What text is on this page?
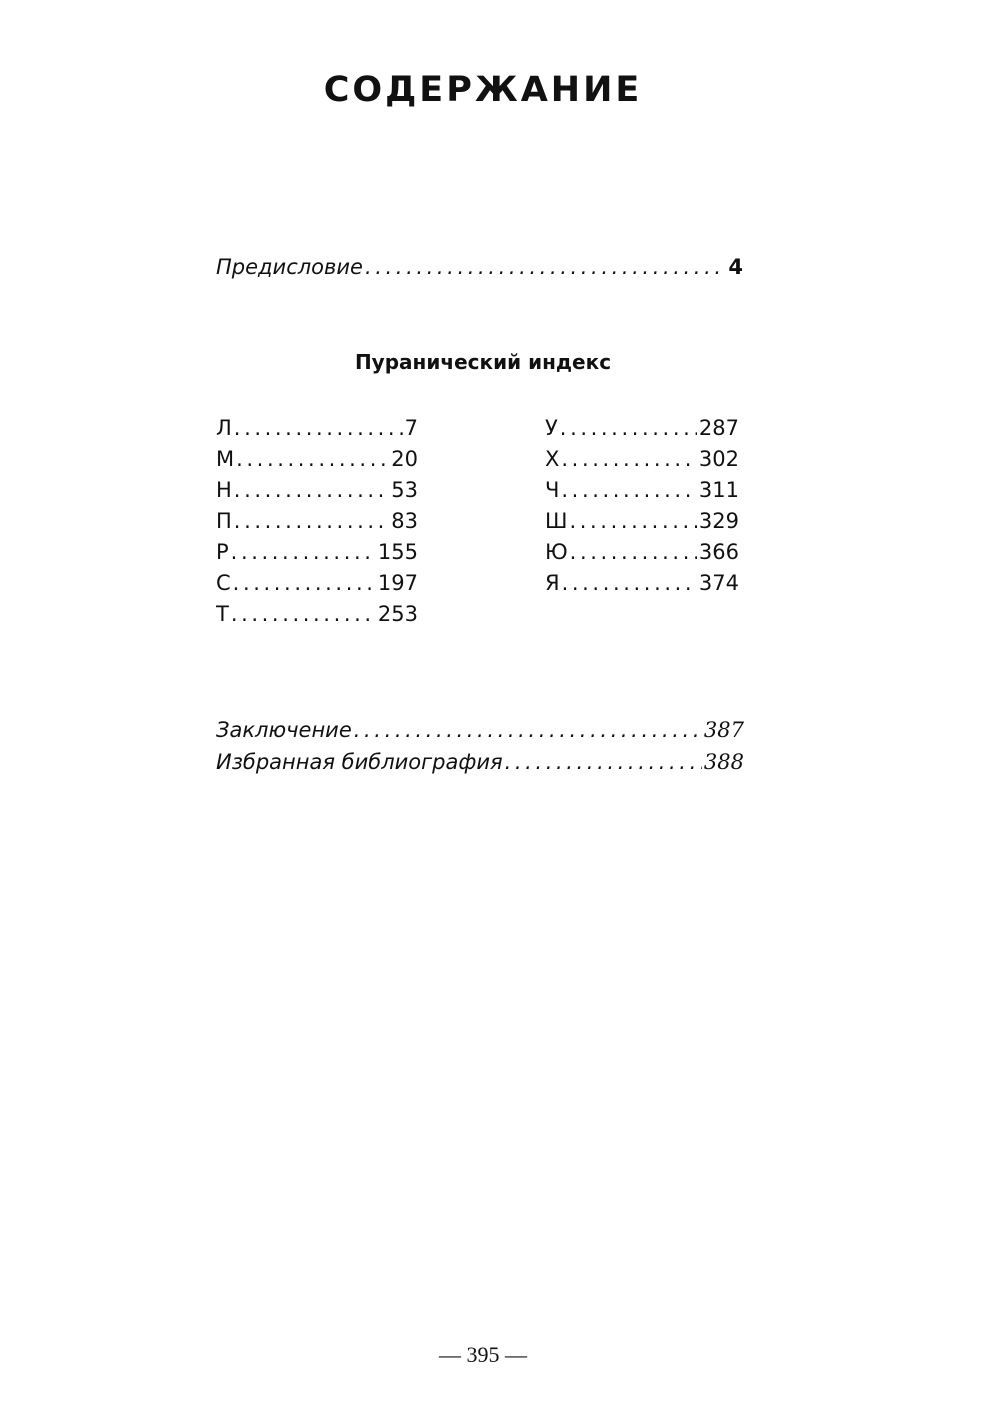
СОДЕРЖАНИЕ
Предисловие .....	4
Пуранический индекс
Л .....	7
М .....	20
Н .....	53
П .....	83
Р .....	155
С .....	197
Т .....	253
У .....	287
Х .....	302
Ч .....	311
Ш .....	329
Ю .....	366
Я .....	374
Заключение .....	387
Избранная библиография .....	388
— 395 —
